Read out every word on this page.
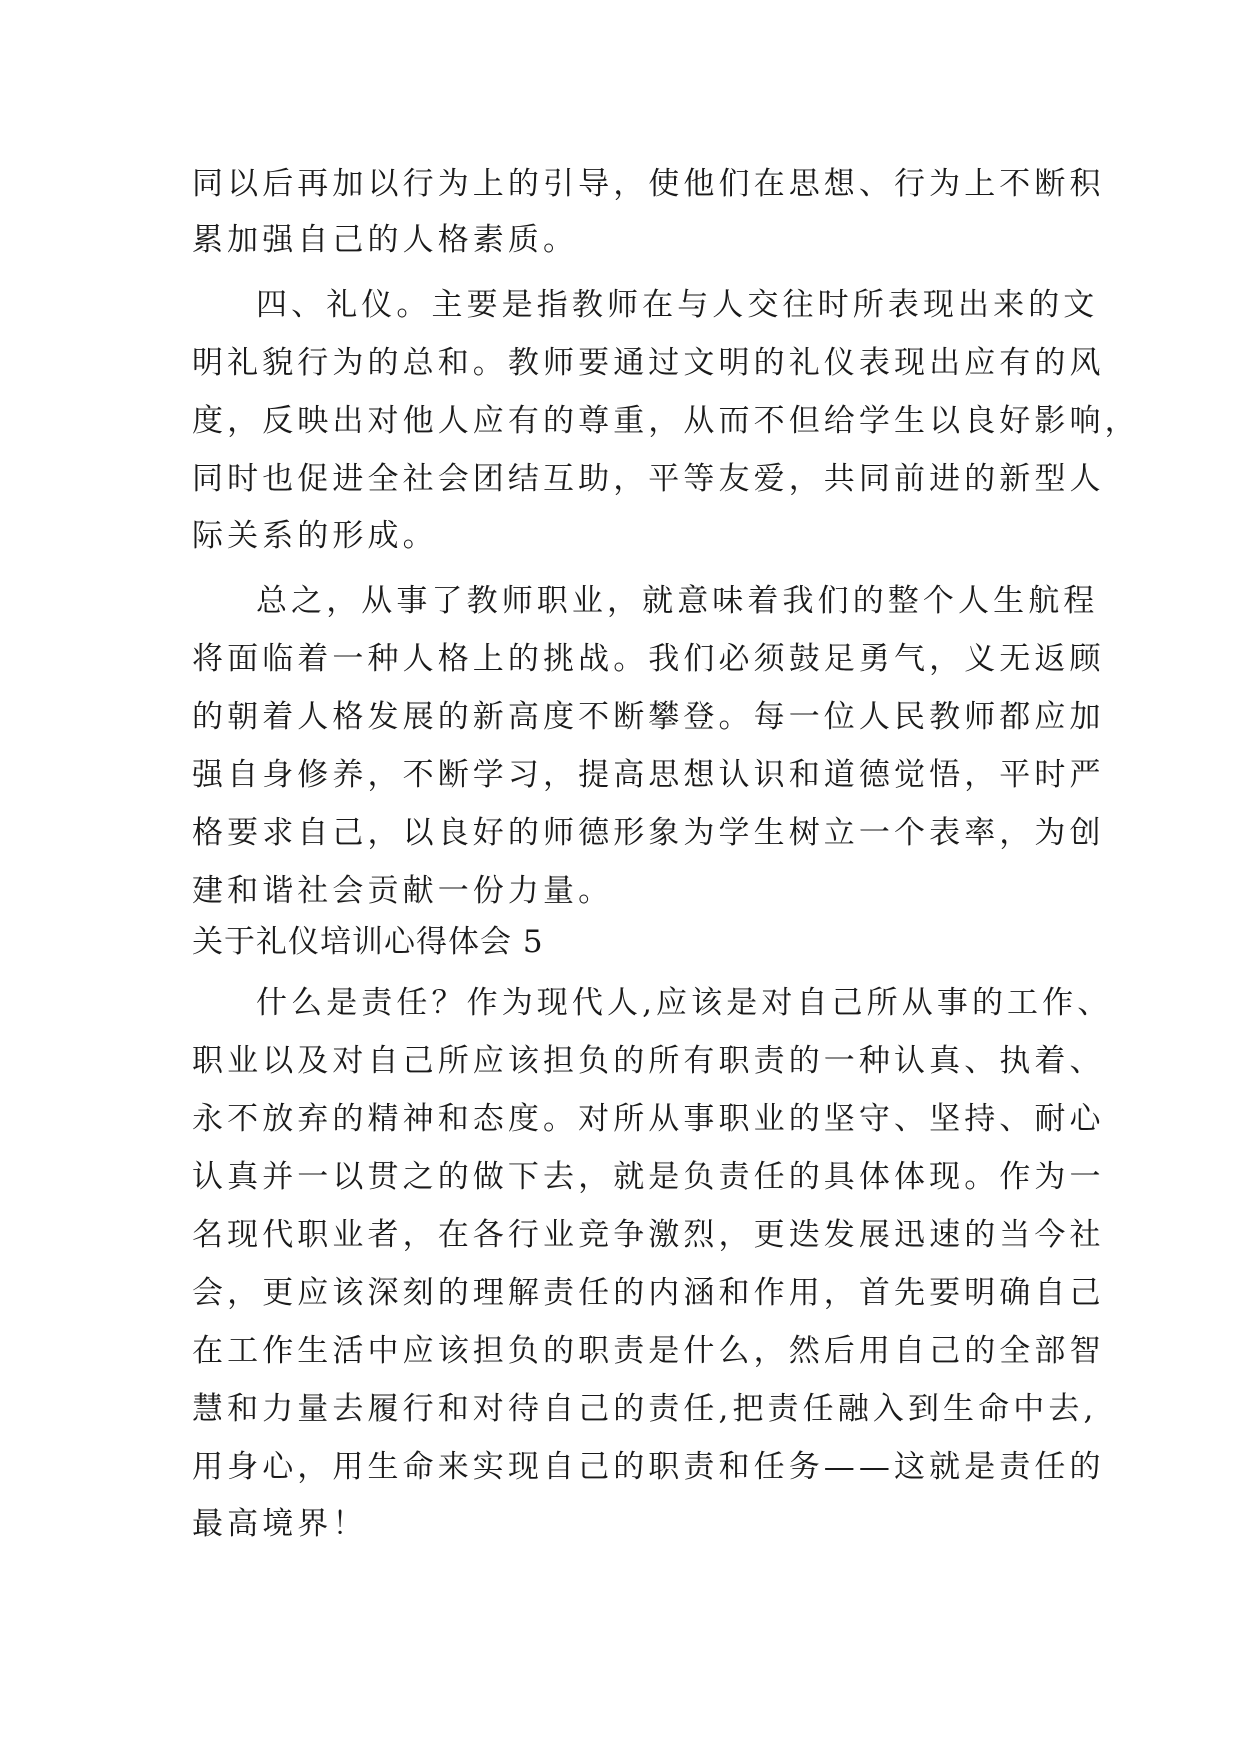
同以后再加以行为上的引导，使他们在思想、行为上不断积
累加强自己的人格素质。
四、礼仪。主要是指教师在与人交往时所表现出来的文
明礼貌行为的总和。教师要通过文明的礼仪表现出应有的风
度，反映出对他人应有的尊重，从而不但给学生以良好影响，
同时也促进全社会团结互助，平等友爱，共同前进的新型人
际关系的形成。
总之，从事了教师职业，就意味着我们的整个人生航程
将面临着一种人格上的挑战。我们必须鼓足勇气，义无返顾
的朝着人格发展的新高度不断攀登。每一位人民教师都应加
强自身修养，不断学习，提高思想认识和道德觉悟，平时严
格要求自己，以良好的师德形象为学生树立一个表率，为创
建和谐社会贡献一份力量。
关于礼仪培训心得体会 5
什么是责任？作为现代人,应该是对自己所从事的工作、
职业以及对自己所应该担负的所有职责的一种认真、执着、
永不放弃的精神和态度。对所从事职业的坚守、坚持、耐心
认真并一以贯之的做下去，就是负责任的具体体现。作为一
名现代职业者，在各行业竞争激烈，更迭发展迅速的当今社
会，更应该深刻的理解责任的内涵和作用，首先要明确自己
在工作生活中应该担负的职责是什么，然后用自己的全部智
慧和力量去履行和对待自己的责任,把责任融入到生命中去,
用身心，用生命来实现自己的职责和任务——这就是责任的
最高境界！
